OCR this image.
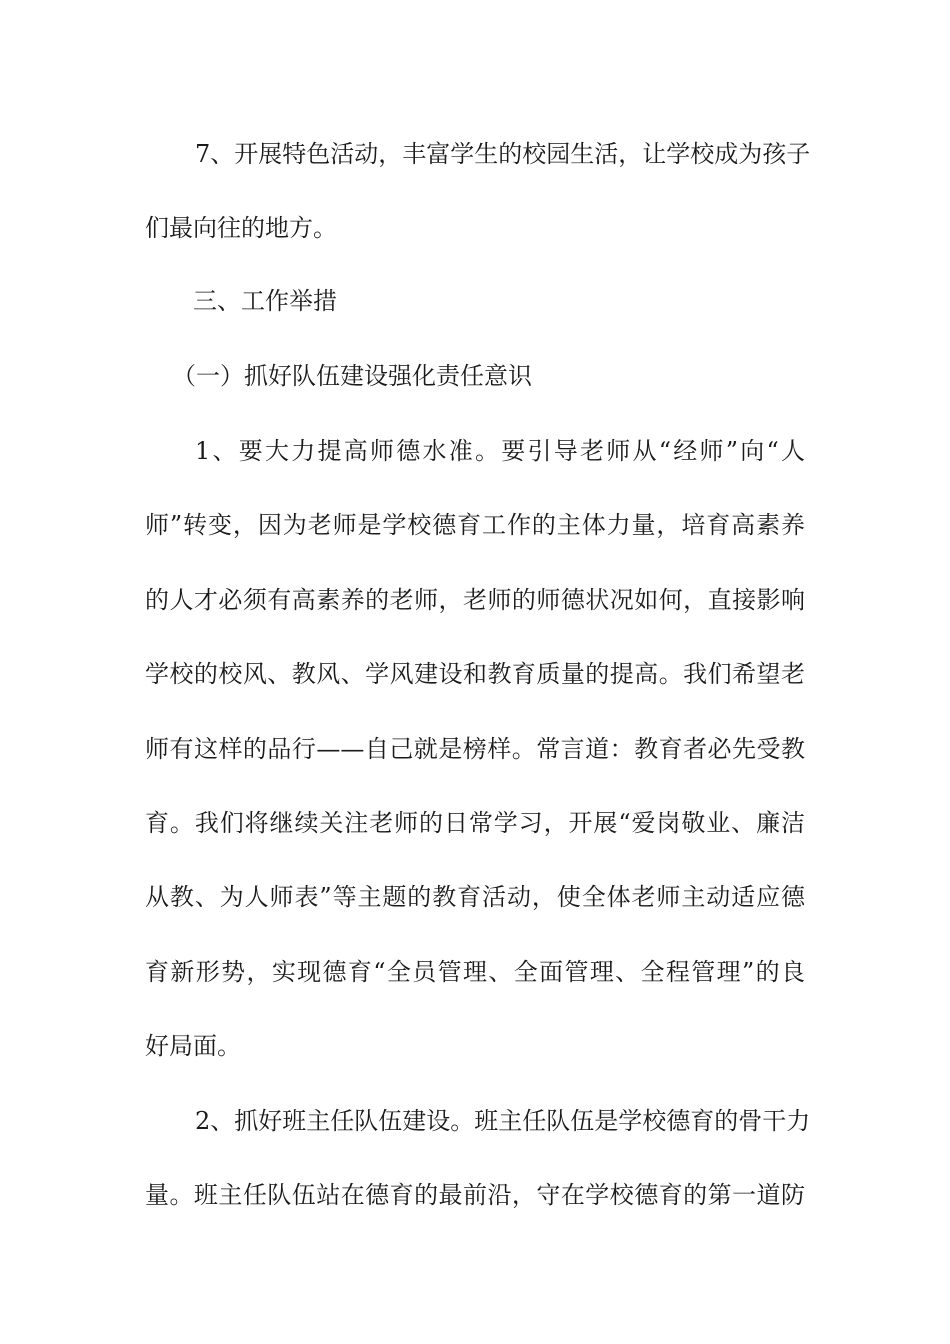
7、开展特色活动，丰富学生的校园生活，让学校成为孩子
们最向往的地方。
三、工作举措
（一）抓好队伍建设强化责任意识
1、要大力提高师德水准。要引导老师从“经师”向“人
师”转变，因为老师是学校德育工作的主体力量，培育高素养
的人才必须有高素养的老师，老师的师德状况如何，直接影响
学校的校风、教风、学风建设和教育质量的提高。我们希望老
师有这样的品行——自己就是榜样。常言道：教育者必先受教
育。我们将继续关注老师的日常学习，开展“爱岗敬业、廉洁
从教、为人师表”等主题的教育活动，使全体老师主动适应德
育新形势，实现德育“全员管理、全面管理、全程管理”的良
好局面。
2、抓好班主任队伍建设。班主任队伍是学校德育的骨干力
量。班主任队伍站在德育的最前沿，守在学校德育的第一道防
